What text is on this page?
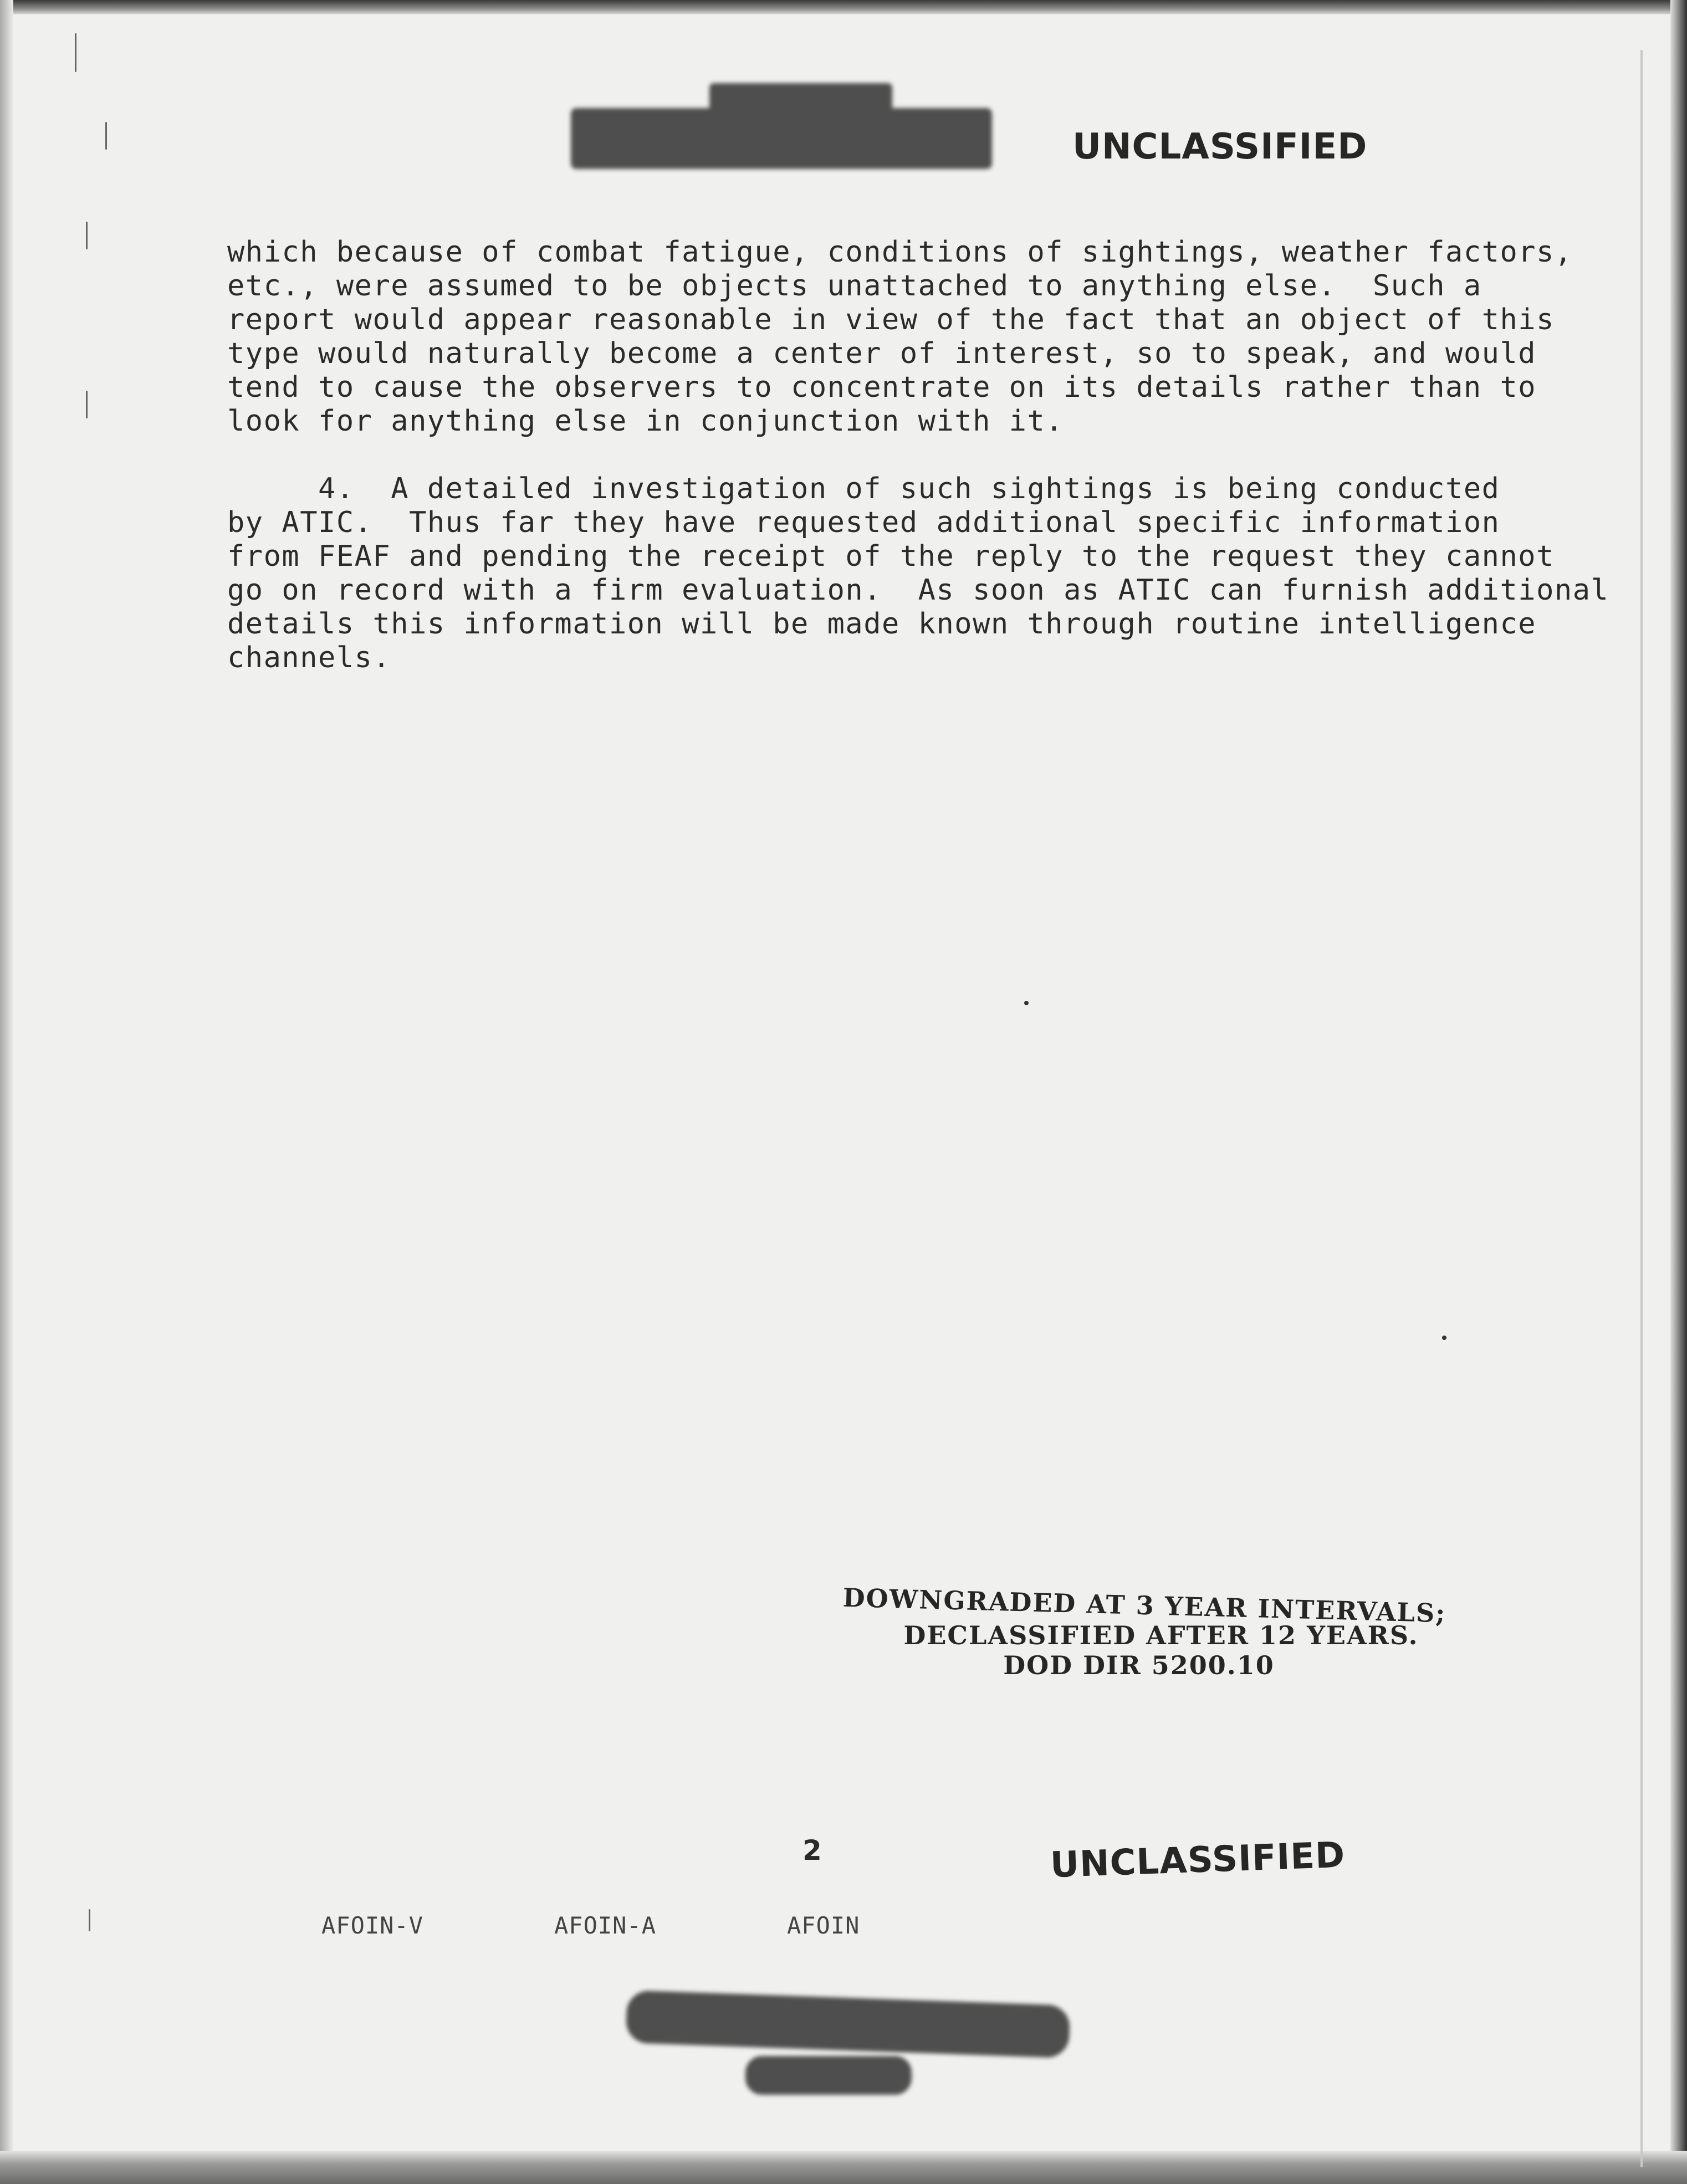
UNCLASSIFIED
which because of combat fatigue, conditions of sightings, weather factors,
etc., were assumed to be objects unattached to anything else.  Such a
report would appear reasonable in view of the fact that an object of this
type would naturally become a center of interest, so to speak, and would
tend to cause the observers to concentrate on its details rather than to
look for anything else in conjunction with it.
4.  A detailed investigation of such sightings is being conducted
by ATIC.  Thus far they have requested additional specific information
from FEAF and pending the receipt of the reply to the request they cannot
go on record with a firm evaluation.  As soon as ATIC can furnish additional
details this information will be made known through routine intelligence
channels.
DOWNGRADED AT 3 YEAR INTERVALS;
DECLASSIFIED AFTER 12 YEARS.
DOD DIR 5200.10
2	UNCLASSIFIED
AFOIN-V	AFOIN-A	AFOIN
